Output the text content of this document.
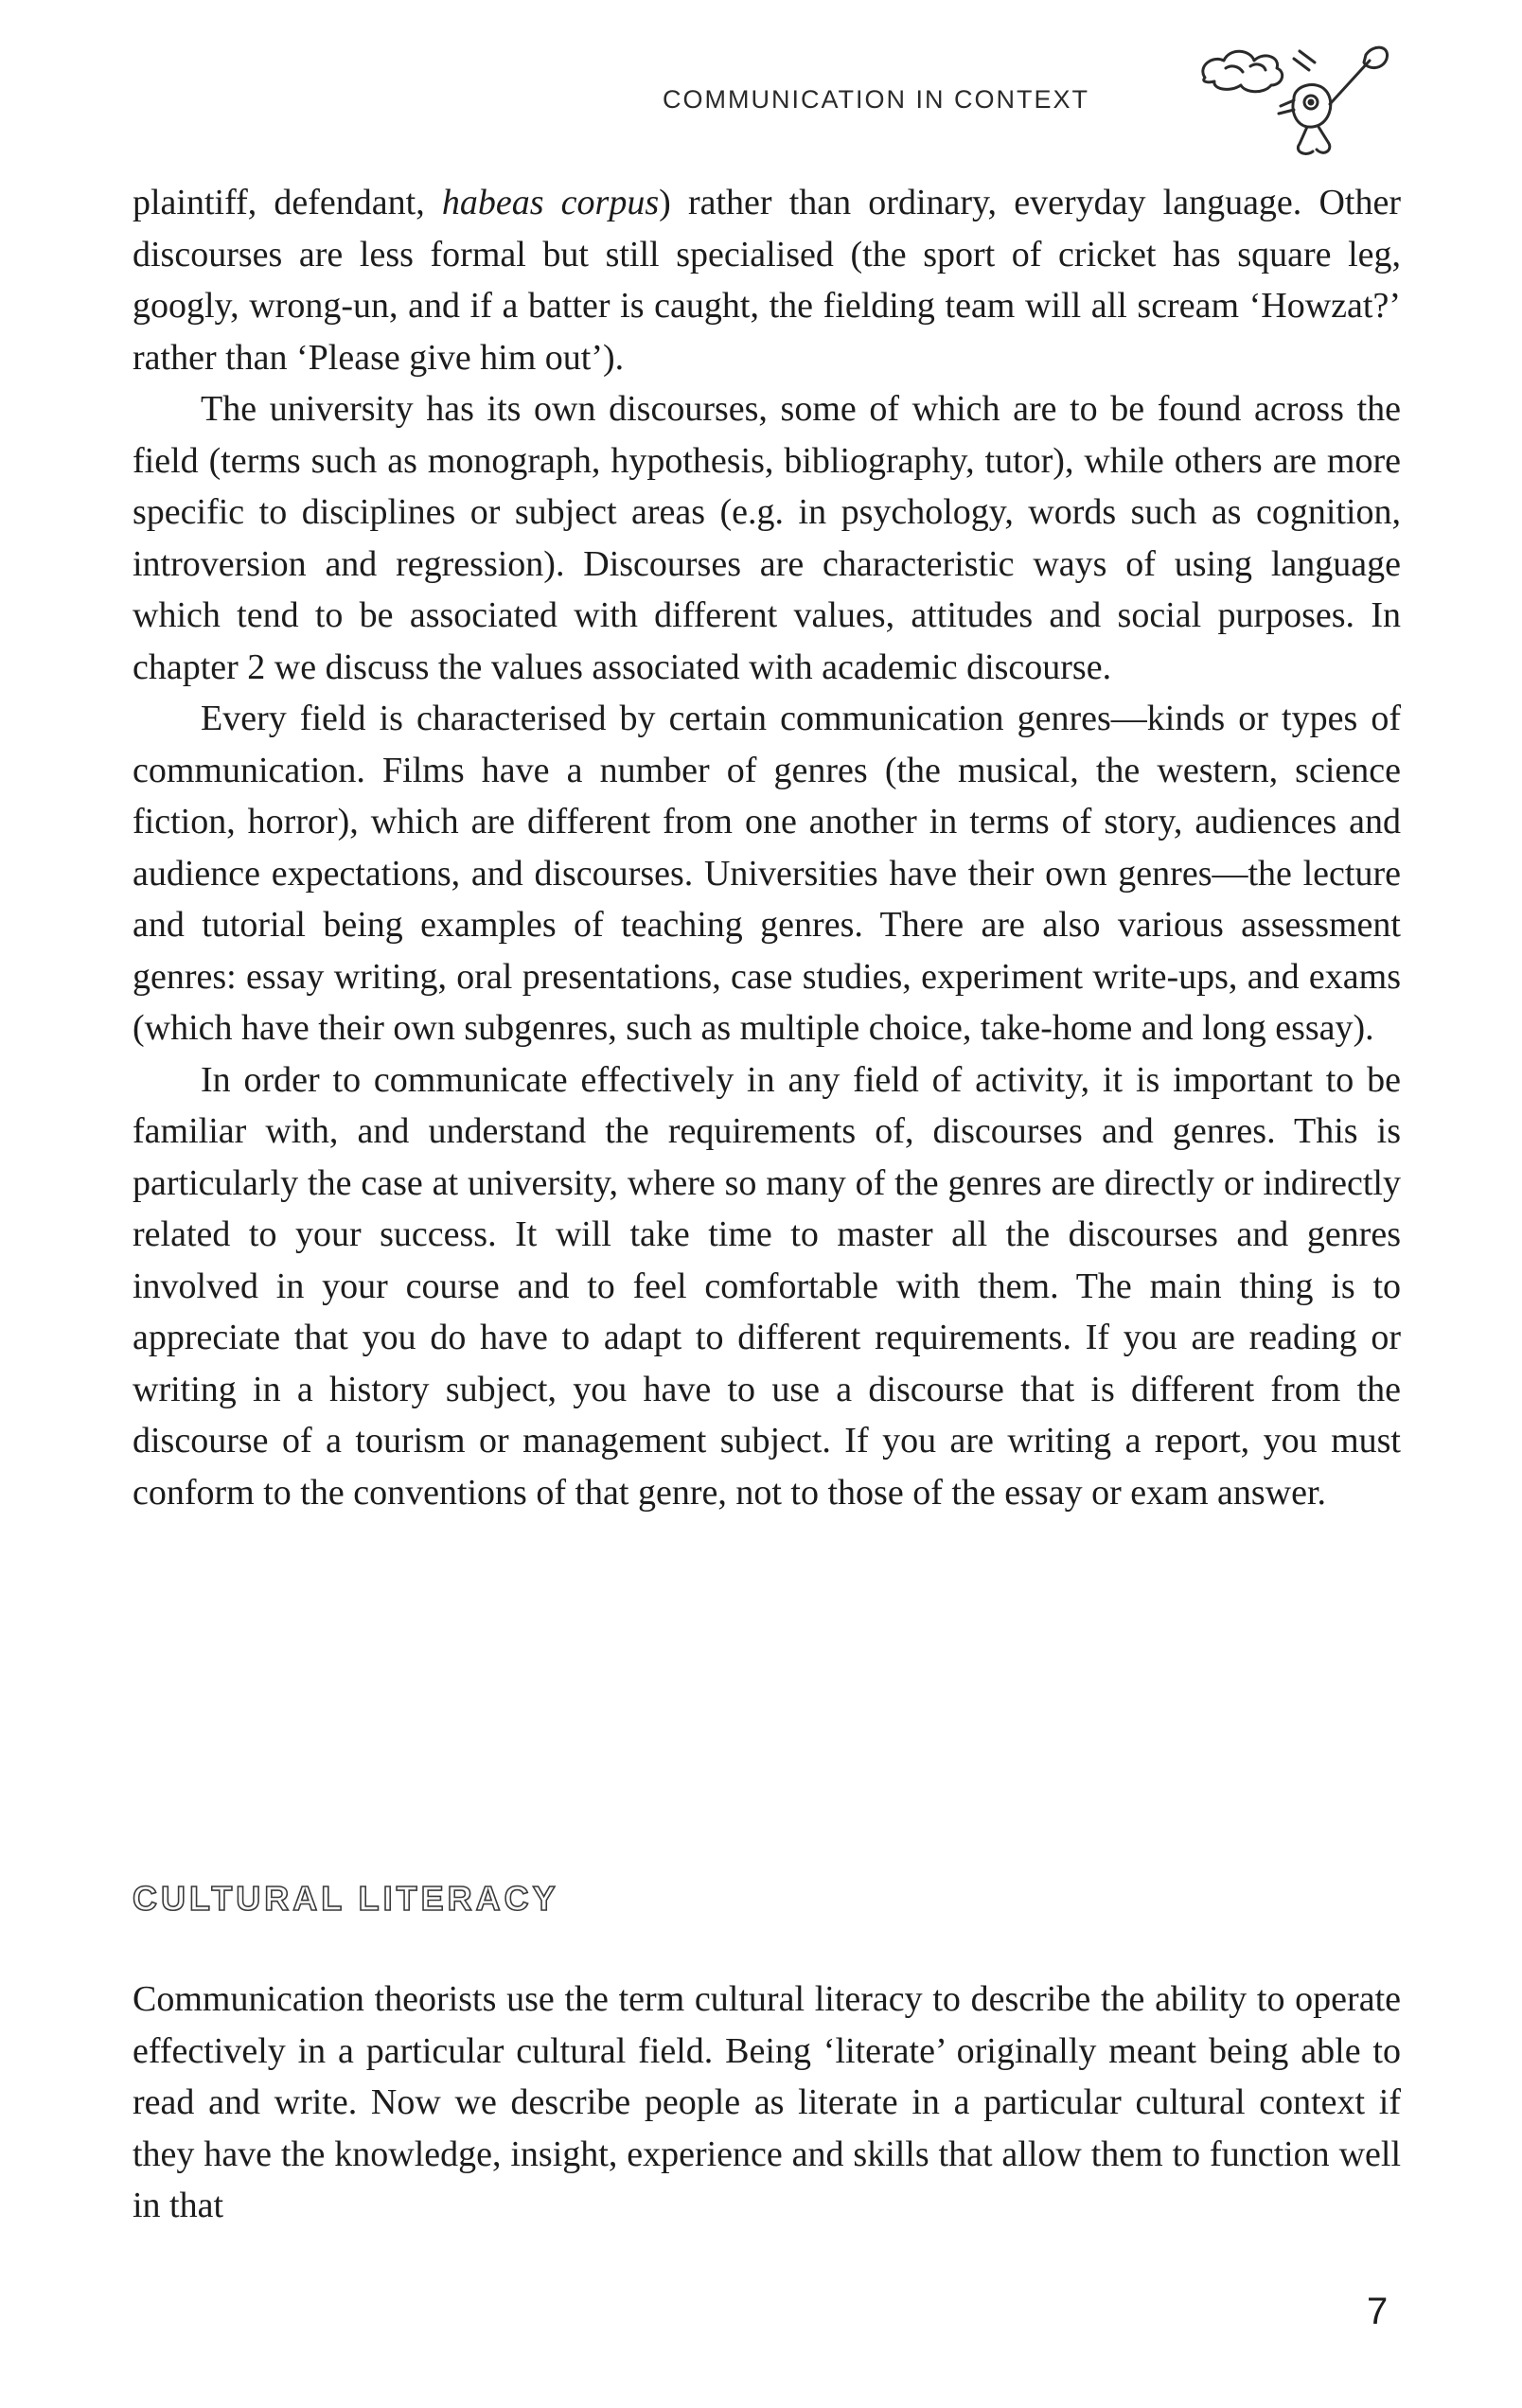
COMMUNICATION IN CONTEXT

plaintiff, defendant, habeas corpus) rather than ordinary, everyday language. Other discourses are less formal but still specialised (the sport of cricket has square leg, googly, wrong-un, and if a batter is caught, the fielding team will all scream ‘Howzat?’ rather than ‘Please give him out’).

The university has its own discourses, some of which are to be found across the field (terms such as monograph, hypothesis, bibliography, tutor), while others are more specific to disciplines or subject areas (e.g. in psychology, words such as cognition, introversion and regression). Discourses are characteristic ways of using language which tend to be associated with different values, attitudes and social purposes. In chapter 2 we discuss the values associated with academic discourse.

Every field is characterised by certain communication genres—kinds or types of communication. Films have a number of genres (the musical, the western, science fiction, horror), which are different from one another in terms of story, audiences and audience expectations, and discourses. Universities have their own genres—the lecture and tutorial being examples of teaching genres. There are also various assessment genres: essay writing, oral presentations, case studies, experiment write-ups, and exams (which have their own subgenres, such as multiple choice, take-home and long essay).

In order to communicate effectively in any field of activity, it is important to be familiar with, and understand the requirements of, discourses and genres. This is particularly the case at university, where so many of the genres are directly or indirectly related to your success. It will take time to master all the discourses and genres involved in your course and to feel comfortable with them. The main thing is to appreciate that you do have to adapt to different requirements. If you are reading or writing in a history subject, you have to use a discourse that is different from the discourse of a tourism or management subject. If you are writing a report, you must conform to the conventions of that genre, not to those of the essay or exam answer.

CULTURAL LITERACY

Communication theorists use the term cultural literacy to describe the ability to operate effectively in a particular cultural field. Being ‘literate’ originally meant being able to read and write. Now we describe people as literate in a particular cultural context if they have the knowledge, insight, experience and skills that allow them to function well in that

7
